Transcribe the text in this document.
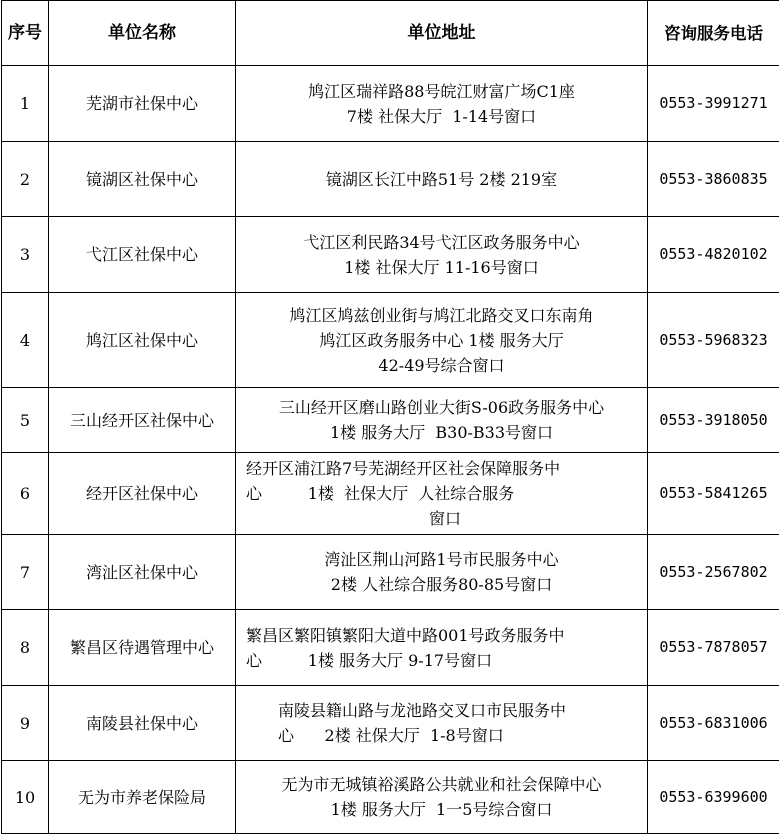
序号	单位名称	单位地址	咨询服务电话
1	芜湖市社保中心	鸠江区瑞祥路88号皖江财富广场C1座
7楼 社保大厅  1-14号窗口	0553-3991271
2	镜湖区社保中心	镜湖区长江中路51号 2楼 219室	0553-3860835
3	弋江区社保中心	弋江区利民路34号弋江区政务服务中心
1楼 社保大厅 11-16号窗口	0553-4820102
4	鸠江区社保中心	鸠江区鸠兹创业街与鸠江北路交叉口东南角
鸠江区政务服务中心 1楼 服务大厅
42-49号综合窗口	0553-5968323
5	三山经开区社保中心	三山经开区磨山路创业大街S-06政务服务中心
1楼 服务大厅  B30-B33号窗口	0553-3918050
6	经开区社保中心	经开区浦江路7号芜湖经开区社会保障服务中
心         1楼  社保大厅  人社综合服务
窗口	0553-5841265
7	湾沚区社保中心	湾沚区荆山河路1号市民服务中心
2楼 人社综合服务80-85号窗口	0553-2567802
8	繁昌区待遇管理中心	繁昌区繁阳镇繁阳大道中路001号政务服务中
心         1楼 服务大厅 9-17号窗口	0553-7878057
9	南陵县社保中心	南陵县籍山路与龙池路交叉口市民服务中
心      2楼 社保大厅  1-8号窗口	0553-6831006
10	无为市养老保险局	无为市无城镇裕溪路公共就业和社会保障中心
1楼 服务大厅  1一5号综合窗口	0553-6399600
